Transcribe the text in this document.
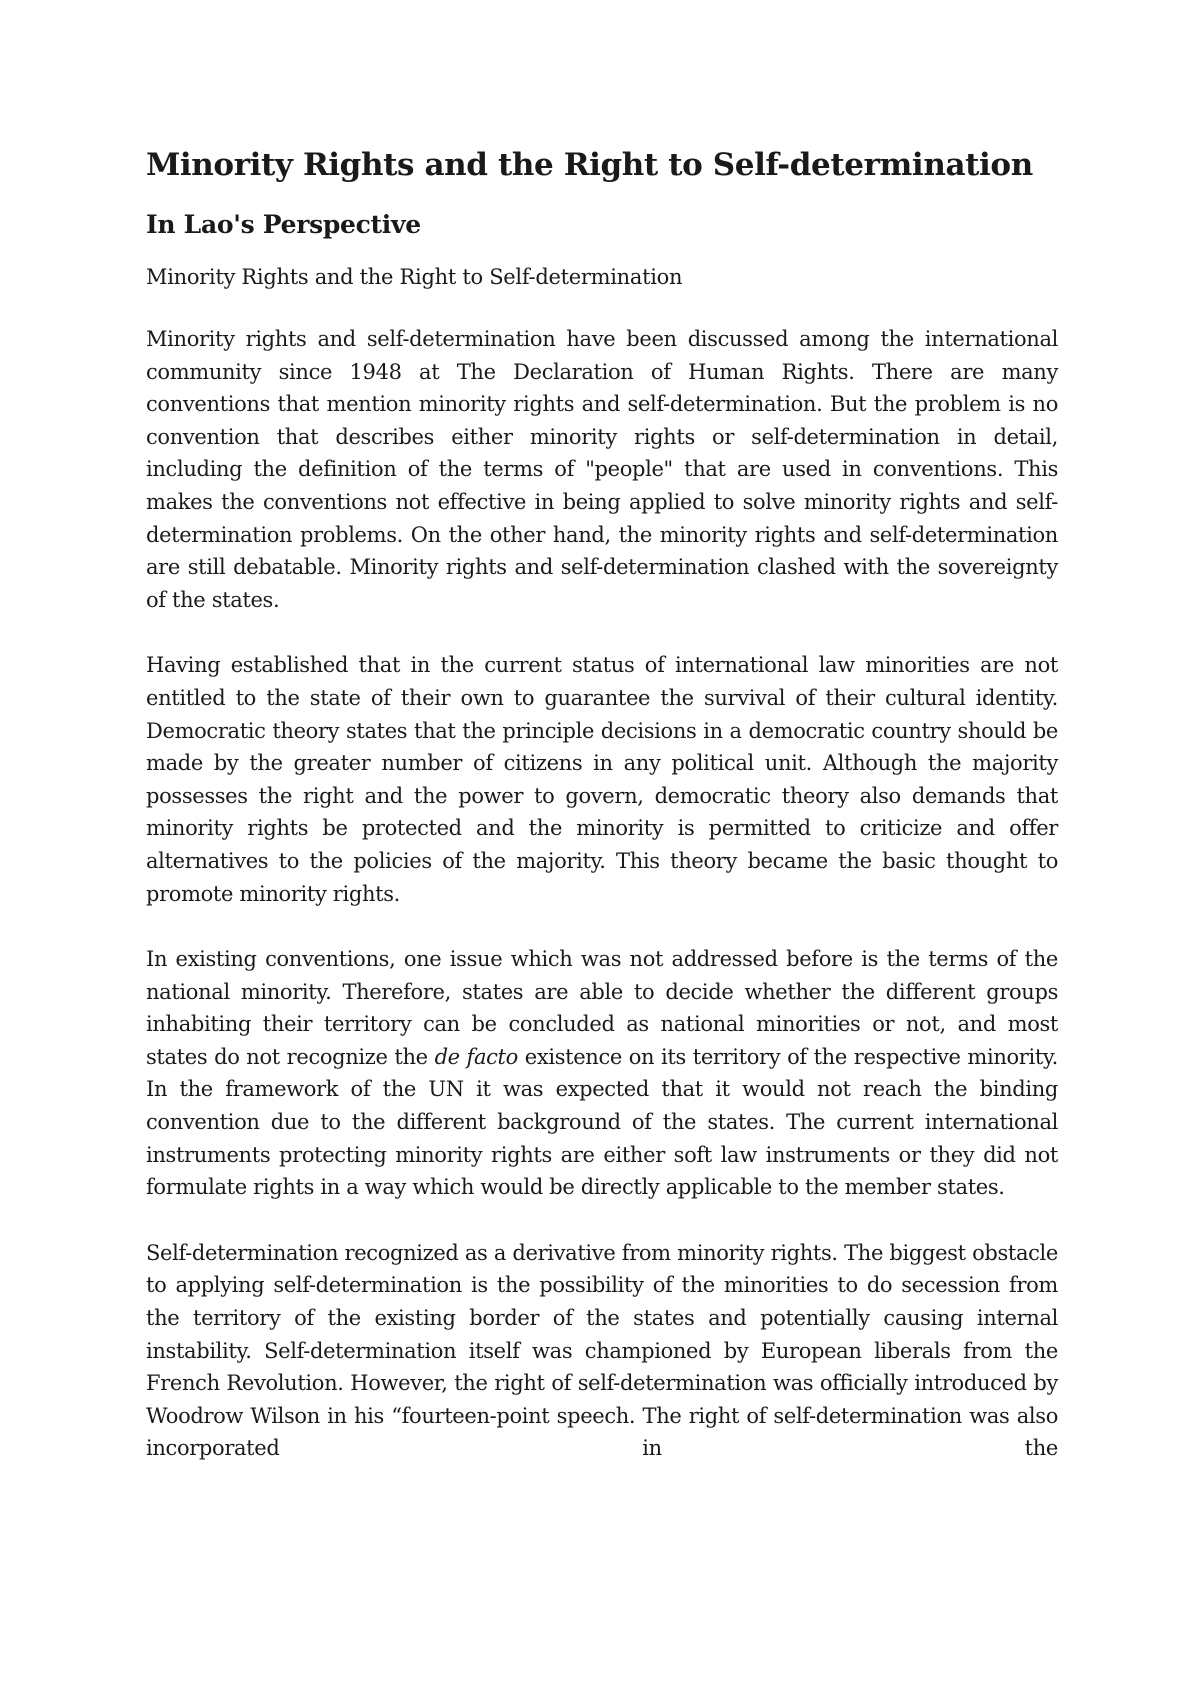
Minority Rights and the Right to Self-determination
In Lao's Perspective

Minority Rights and the Right to Self-determination

Minority rights and self-determination have been discussed among the international community since 1948 at The Declaration of Human Rights. There are many conventions that mention minority rights and self-determination. But the problem is no convention that describes either minority rights or self-determination in detail, including the definition of the terms of "people" that are used in conventions. This makes the conventions not effective in being applied to solve minority rights and self-determination problems. On the other hand, the minority rights and self-determination are still debatable. Minority rights and self-determination clashed with the sovereignty of the states.

Having established that in the current status of international law minorities are not entitled to the state of their own to guarantee the survival of their cultural identity. Democratic theory states that the principle decisions in a democratic country should be made by the greater number of citizens in any political unit. Although the majority possesses the right and the power to govern, democratic theory also demands that minority rights be protected and the minority is permitted to criticize and offer alternatives to the policies of the majority. This theory became the basic thought to promote minority rights.

In existing conventions, one issue which was not addressed before is the terms of the national minority. Therefore, states are able to decide whether the different groups inhabiting their territory can be concluded as national minorities or not, and most states do not recognize the de facto existence on its territory of the respective minority. In the framework of the UN it was expected that it would not reach the binding convention due to the different background of the states. The current international instruments protecting minority rights are either soft law instruments or they did not formulate rights in a way which would be directly applicable to the member states.

Self-determination recognized as a derivative from minority rights. The biggest obstacle to applying self-determination is the possibility of the minorities to do secession from the territory of the existing border of the states and potentially causing internal instability. Self-determination itself was championed by European liberals from the French Revolution. However, the right of self-determination was officially introduced by Woodrow Wilson in his “fourteen-point speech. The right of self-determination was also incorporated in the
